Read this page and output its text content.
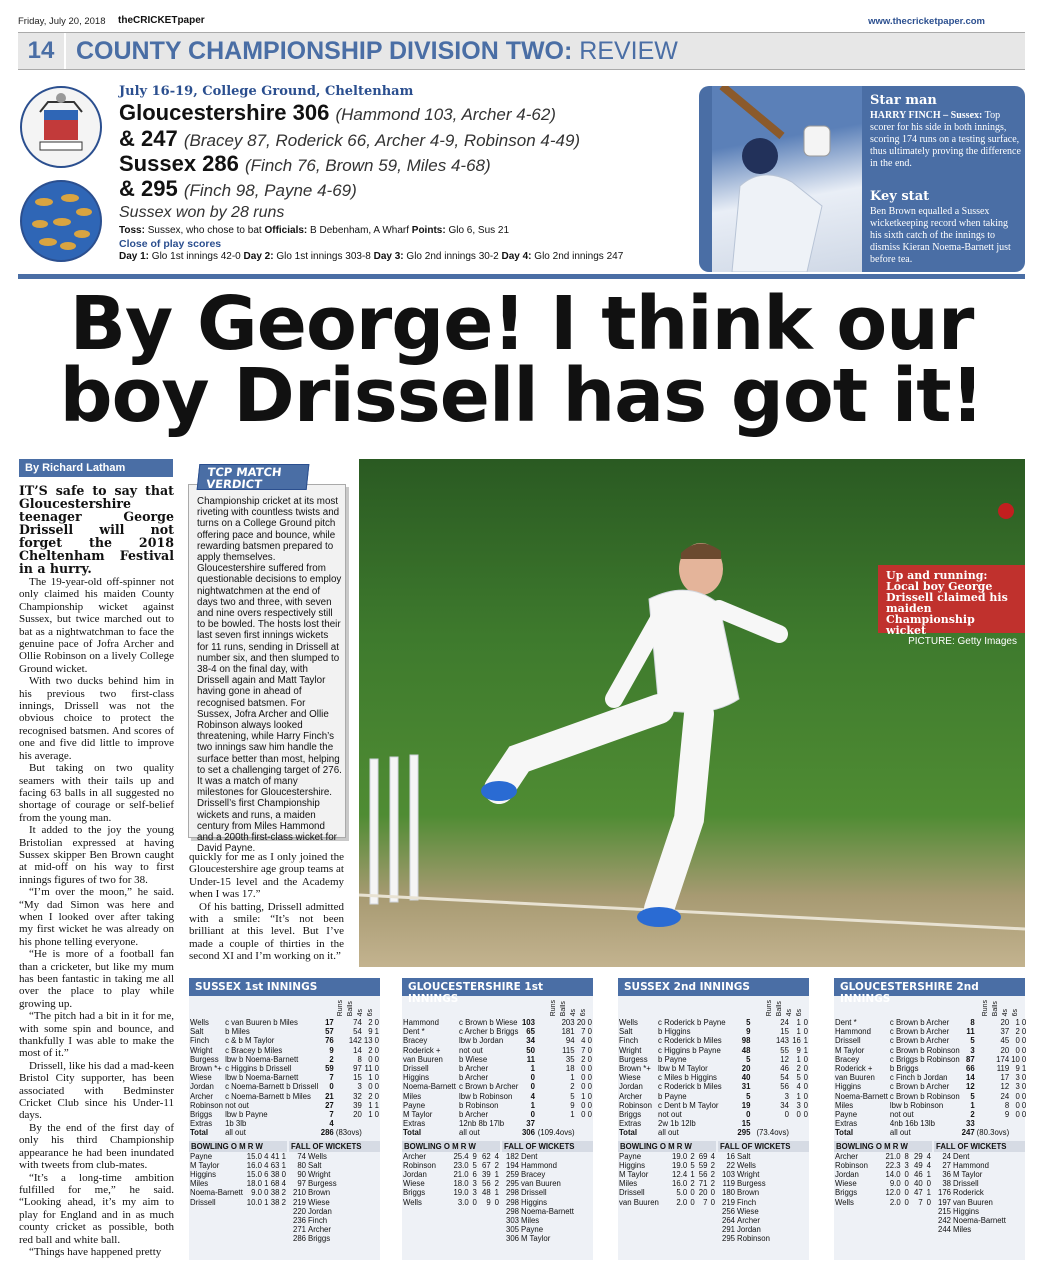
Friday, July 20, 2018 theCRICKETpaper	www.thecricketpaper.com
14 COUNTY CHAMPIONSHIP DIVISION TWO: REVIEW
July 16-19, College Ground, Cheltenham
Gloucestershire 306 (Hammond 103, Archer 4-62)
& 247 (Bracey 87, Roderick 66, Archer 4-9, Robinson 4-49)
Sussex 286 (Finch 76, Brown 59, Miles 4-68)
& 295 (Finch 98, Payne 4-69)
Sussex won by 28 runs
Toss: Sussex, who chose to bat Officials: B Debenham, A Wharf Points: Glo 6, Sus 21
Close of play scores
Day 1: Glo 1st innings 42-0 Day 2: Glo 1st innings 303-8 Day 3: Glo 2nd innings 30-2 Day 4: Glo 2nd innings 247
Star man
HARRY FINCH – Sussex: Top scorer for his side in both innings, scoring 174 runs on a testing surface, thus ultimately proving the difference in the end.
Key stat
Ben Brown equalled a Sussex wicketkeeping record when taking his sixth catch of the innings to dismiss Kieran Noema-Barnett just before tea.
By George! I think our
boy Drissell has got it!
By Richard Latham
IT’S safe to say that Gloucestershire teenager George Drissell will not forget the 2018 Cheltenham Festival in a hurry.

The 19-year-old off-spinner not only claimed his maiden County Championship wicket against Sussex, but twice marched out to bat as a nightwatchman to face the genuine pace of Jofra Archer and Ollie Robinson on a lively College Ground wicket.

With two ducks behind him in his previous two first-class innings, Drissell was not the obvious choice to protect the recognised batsmen. And scores of one and five did little to improve his average.

But taking on two quality seamers with their tails up and facing 63 balls in all suggested no shortage of courage or self-belief from the young man.

It added to the joy the young Bristolian expressed at having Sussex skipper Ben Brown caught at mid-off on his way to first innings figures of two for 38.

“I’m over the moon,” he said. “My dad Simon was here and when I looked over after taking my first wicket he was already on his phone telling everyone.

“He is more of a football fan than a cricketer, but like my mum has been fantastic in taking me all over the place to play while growing up.

“The pitch had a bit in it for me, with some spin and bounce, and thankfully I was able to make the most of it.”

Drissell, like his dad a mad-keen Bristol City supporter, has been associated with Bedminster Cricket Club since his Under-11 days.

By the end of the first day of only his third Championship appearance he had been inundated with tweets from club-mates.

“It’s a long-time ambition fulfilled for me,” he said. “Looking ahead, it’s my aim to play for England and in as much county cricket as possible, both red ball and white ball.

“Things have happened pretty

TCP MATCH
VERDICT
Championship cricket at its most riveting with countless twists and turns on a College Ground pitch offering pace and bounce, while rewarding batsmen prepared to apply themselves. Gloucestershire suffered from questionable decisions to employ nightwatchmen at the end of days two and three, with seven and nine overs respectively still to be bowled. The hosts lost their last seven first innings wickets for 11 runs, sending in Drissell at number six, and then slumped to 38-4 on the final day, with Drissell again and Matt Taylor having gone in ahead of recognised batsmen. For Sussex, Jofra Archer and Ollie Robinson always looked threatening, while Harry Finch’s two innings saw him handle the surface better than most, helping to set a challenging target of 276. It was a match of many milestones for Gloucestershire. Drissell’s first Championship wickets and runs, a maiden century from Miles Hammond and a 200th first-class wicket for David Payne.

quickly for me as I only joined the Gloucestershire age group teams at Under-15 level and the Academy when I was 17.”

Of his batting, Drissell admitted with a smile: “It’s not been brilliant at this level. But I’ve made a couple of thirties in the second XI and I’m working on it.”

Up and running: Local boy George Drissell claimed his maiden Championship wicket
PICTURE: Getty Images
SUSSEX 1st INNINGS
Runs Balls 4s 6s
Wells	c van Buuren b Miles	17	74	2	0
Salt	b Miles	57	54	9	1
Finch	c & b M Taylor	76	142	13	0
Wright	c Bracey b Miles	9	14	2	0
Burgess	lbw b Noema-Barnett	2	8	0	0
Brown *+	c Higgins b Drissell	59	97	11	0
Wiese	lbw b Noema-Barnett	7	15	1	0
Jordan	c Noema-Barnett b Drissell	0	3	0	0
Archer	c Noema-Barnett b Miles	21	32	2	0
Robinson	not out	27	39	1	1
Briggs	lbw b Payne	7	20	1	0
Extras	1b 3lb	4			
Total	all out	286	(83ovs)		
BOWLING O M R W
Payne	15.0	4	41	1
M Taylor	16.0	4	63	1
Higgins	15.0	6	38	0
Miles	18.0	1	68	4
Noema-Barnett	9.0	0	38	2
Drissell	10.0	1	38	2
FALL OF WICKETS
74	Wells
80	Salt
90	Wright
97	Burgess
210	Brown
219	Wiese
220	Jordan
236	Finch
271	Archer
286	Briggs
GLOUCESTERSHIRE 1st INNINGS
Runs Balls 4s 6s
Hammond	c Brown b Wiese	103	203	20	0
Dent *	c Archer b Briggs	65	181	7	0
Bracey	lbw b Jordan	34	94	4	0
Roderick +	not out	50	115	7	0
van Buuren	b Wiese	11	35	2	0
Drissell	b Archer	1	18	0	0
Higgins	b Archer	0	1	0	0
Noema-Barnett	c Brown b Archer	0	2	0	0
Miles	lbw b Robinson	4	5	1	0
Payne	b Robinson	1	9	0	0
M Taylor	b Archer	0	1	0	0
Extras	12nb 8b 17lb	37			
Total	all out	306	(109.4ovs)		
BOWLING O M R W
Archer	25.4	9	62	4
Robinson	23.0	5	67	2
Jordan	21.0	6	39	1
Wiese	18.0	3	56	2
Briggs	19.0	3	48	1
Wells	3.0	0	9	0
FALL OF WICKETS
182	Dent
194	Hammond
259	Bracey
295	van Buuren
298	Drissell
298	Higgins
298	Noema-Barnett
303	Miles
305	Payne
306	M Taylor
SUSSEX 2nd INNINGS
Runs Balls 4s 6s
Wells	c Roderick b Payne	5	24	1	0
Salt	b Higgins	9	15	1	0
Finch	c Roderick b Miles	98	143	16	1
Wright	c Higgins b Payne	48	55	9	1
Burgess	b Payne	5	12	1	0
Brown *+	lbw b M Taylor	20	46	2	0
Wiese	c Miles b Higgins	40	54	5	0
Jordan	c Roderick b Miles	31	56	4	0
Archer	b Payne	5	3	1	0
Robinson	c Dent b M Taylor	19	34	3	0
Briggs	not out	0	0	0	0
Extras	2w 1b 12lb	15			
Total	all out	295	(73.4ovs)		
BOWLING O M R W
Payne	19.0	2	69	4
Higgins	19.0	5	59	2
M Taylor	12.4	1	56	2
Miles	16.0	2	71	2
Drissell	5.0	0	20	0
van Buuren	2.0	0	7	0
FALL OF WICKETS
16	Salt
22	Wells
103	Wright
119	Burgess
180	Brown
219	Finch
256	Wiese
264	Archer
291	Jordan
295	Robinson
GLOUCESTERSHIRE 2nd INNINGS
Runs Balls 4s 6s
Dent *	c Brown b Archer	8	20	1	0
Hammond	c Brown b Archer	11	37	2	0
Drissell	c Brown b Archer	5	45	0	0
M Taylor	c Brown b Robinson	3	20	0	0
Bracey	c Briggs b Robinson	87	174	10	0
Roderick +	b Briggs	66	119	9	1
van Buuren	c Finch b Jordan	14	17	3	0
Higgins	c Brown b Archer	12	12	3	0
Noema-Barnett	c Brown b Robinson	5	24	0	0
Miles	lbw b Robinson	1	8	0	0
Payne	not out	2	9	0	0
Extras	4nb 16b 13lb	33			
Total	all out	247	(80.3ovs)		
BOWLING O M R W
Archer	21.0	8	29	4
Robinson	22.3	3	49	4
Jordan	14.0	0	46	1
Wiese	9.0	0	40	0
Briggs	12.0	0	47	1
Wells	2.0	0	7	0
FALL OF WICKETS
24	Dent
27	Hammond
36	M Taylor
38	Drissell
176	Roderick
197	van Buuren
215	Higgins
242	Noema-Barnett
244	Miles
